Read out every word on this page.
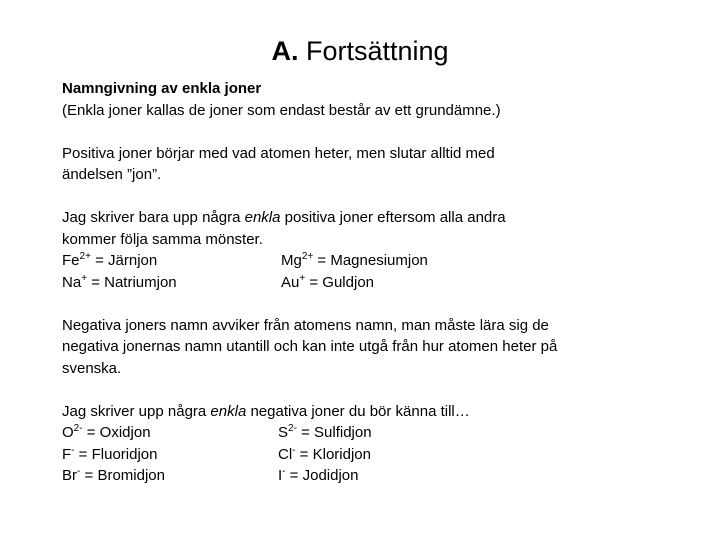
A. Fortsättning
Namngivning av enkla joner
(Enkla joner kallas de joner som endast består av ett grundämne.)
Positiva joner börjar med vad atomen heter, men slutar alltid med
ändelsen ”jon”.
Jag skriver bara upp några enkla positiva joner eftersom alla andra
kommer följa samma mönster.
$Fe^{2+}$ = Järnjon	$Mg^{2+}$ = Magnesiumjon
Na+ = Natriumjon	Au+ = Guldjon
Negativa joners namn avviker från atomens namn, man måste lära sig de
negativa jonernas namn utantill och kan inte utgå från hur atomen heter på
svenska.
Jag skriver upp några enkla negativa joner du bör känna till…
$O^{2-}$ = Oxidjon	$S^{2-}$ = Sulfidjon
F- = Fluoridjon	Cl- = Kloridjon
Br- = Bromidjon	I- = Jodidjon
